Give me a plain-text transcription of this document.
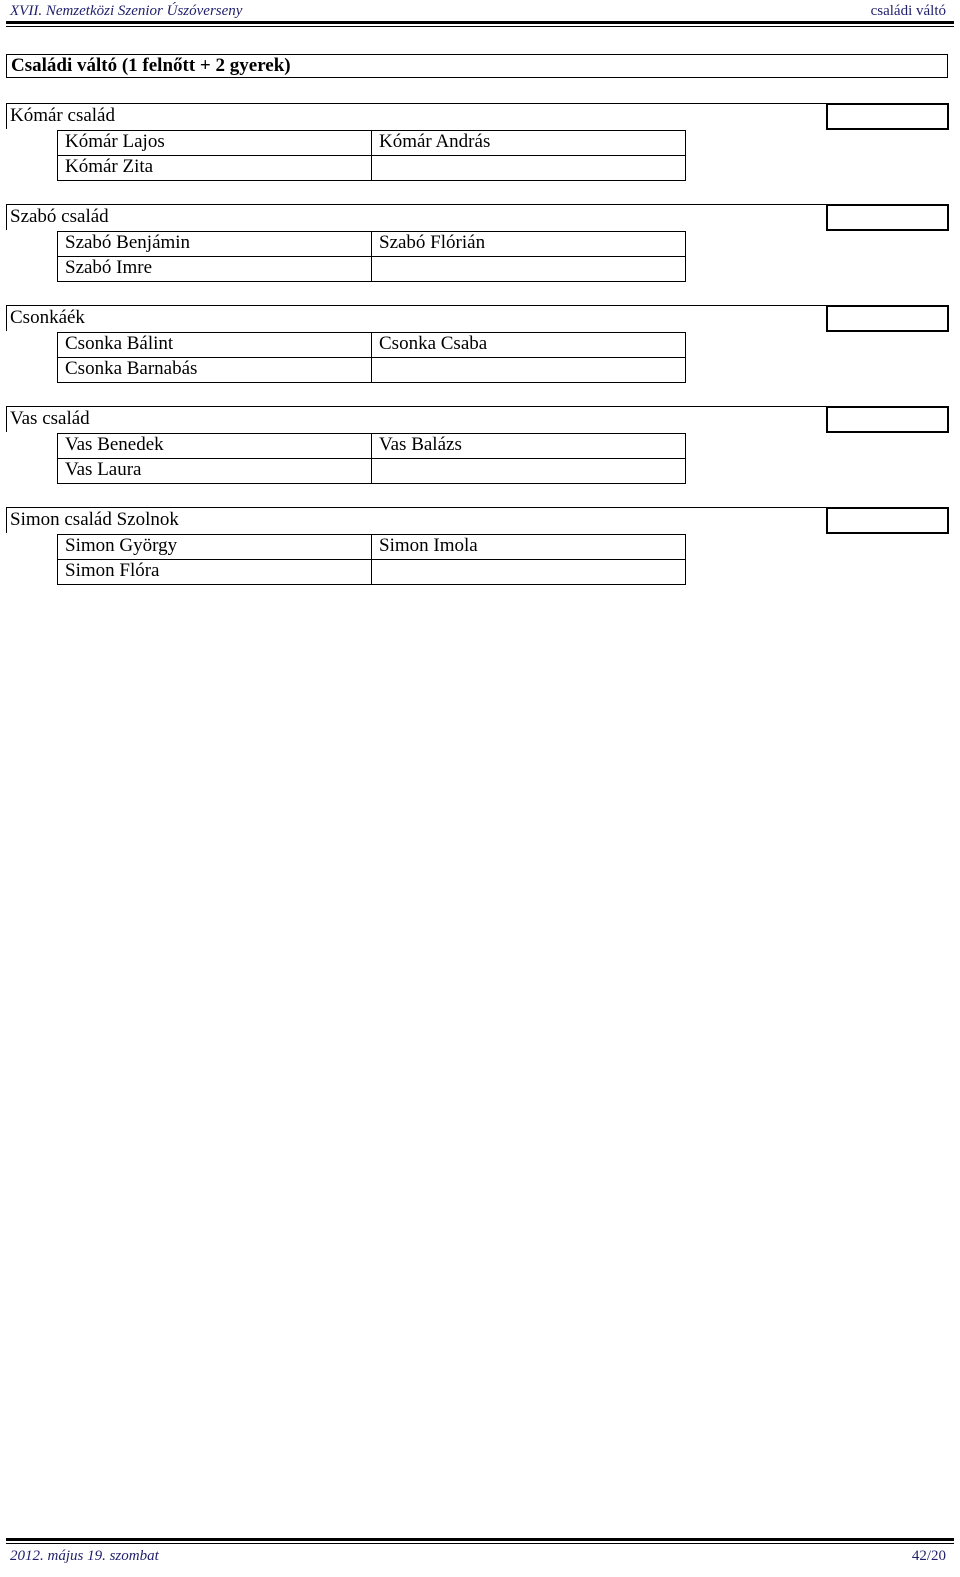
XVII. Nemzetközi Szenior Úszóverseny	családi váltó
Családi váltó (1 felnőtt + 2 gyerek)
Kómár család
Kómár Lajos
Kómár Zita
Kómár András
Szabó család
Szabó Benjámin
Szabó Imre
Szabó Flórián
Csonkáék
Csonka Bálint
Csonka Barnabás
Csonka Csaba
Vas család
Vas Benedek
Vas Laura
Vas Balázs
Simon család Szolnok
Simon György
Simon Flóra
Simon Imola
2012. május 19. szombat	42/20
